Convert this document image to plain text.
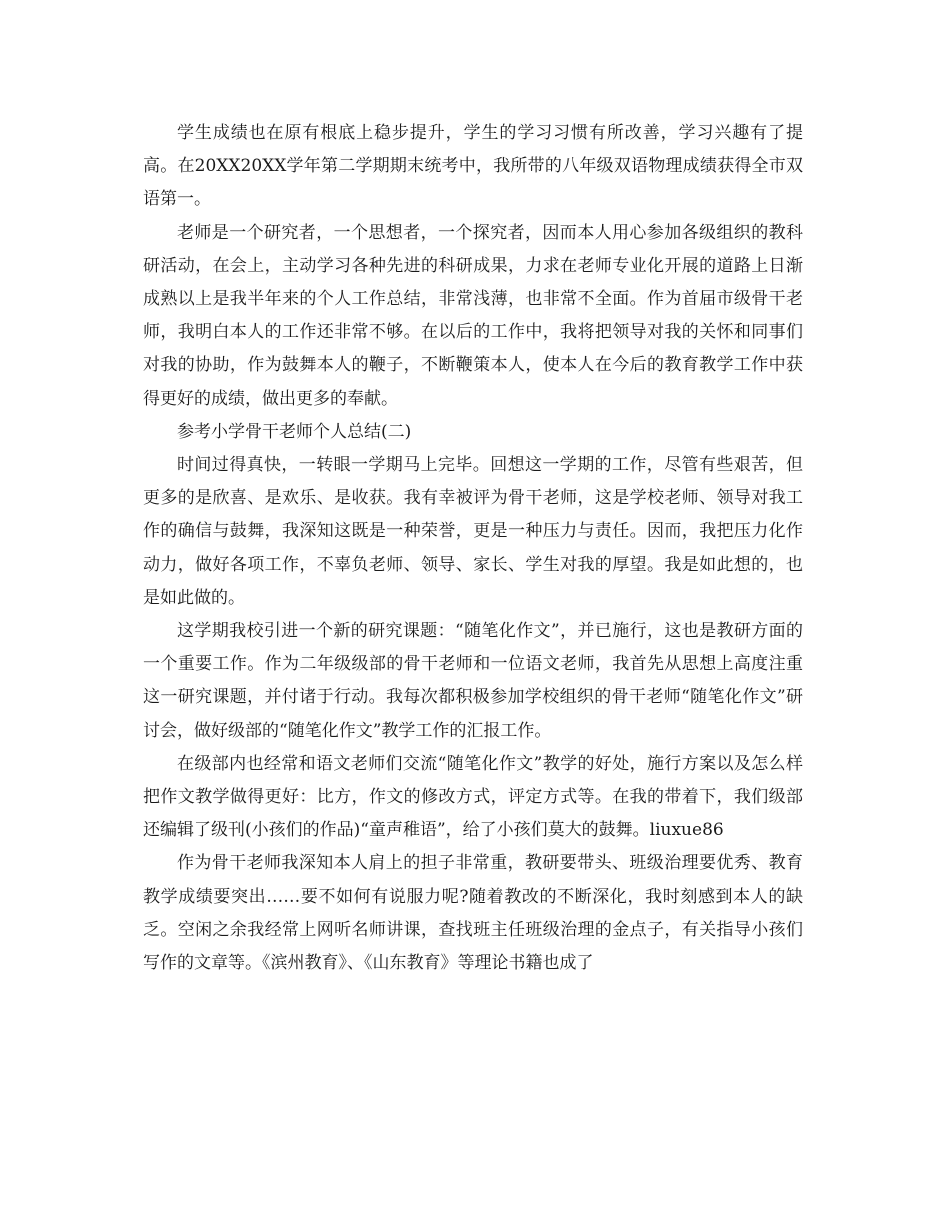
学生成绩也在原有根底上稳步提升，学生的学习习惯有所改善，学习兴趣有了提高。在20XX20XX学年第二学期期末统考中，我所带的八年级双语物理成绩获得全市双语第一。

老师是一个研究者，一个思想者，一个探究者，因而本人用心参加各级组织的教科研活动，在会上，主动学习各种先进的科研成果，力求在老师专业化开展的道路上日渐成熟以上是我半年来的个人工作总结，非常浅薄，也非常不全面。作为首届市级骨干老师，我明白本人的工作还非常不够。在以后的工作中，我将把领导对我的关怀和同事们对我的协助，作为鼓舞本人的鞭子，不断鞭策本人，使本人在今后的教育教学工作中获得更好的成绩，做出更多的奉献。

参考小学骨干老师个人总结(二)

时间过得真快，一转眼一学期马上完毕。回想这一学期的工作，尽管有些艰苦，但更多的是欣喜、是欢乐、是收获。我有幸被评为骨干老师，这是学校老师、领导对我工作的确信与鼓舞，我深知这既是一种荣誉，更是一种压力与责任。因而，我把压力化作动力，做好各项工作，不辜负老师、领导、家长、学生对我的厚望。我是如此想的，也是如此做的。

这学期我校引进一个新的研究课题：“随笔化作文”，并已施行，这也是教研方面的一个重要工作。作为二年级级部的骨干老师和一位语文老师，我首先从思想上高度注重这一研究课题，并付诸于行动。我每次都积极参加学校组织的骨干老师“随笔化作文”研讨会，做好级部的“随笔化作文”教学工作的汇报工作。

在级部内也经常和语文老师们交流“随笔化作文”教学的好处，施行方案以及怎么样把作文教学做得更好：比方，作文的修改方式，评定方式等。在我的带着下，我们级部还编辑了级刊(小孩们的作品)“童声稚语”，给了小孩们莫大的鼓舞。liuxue86

作为骨干老师我深知本人肩上的担子非常重，教研要带头、班级治理要优秀、教育教学成绩要突出……要不如何有说服力呢?随着教改的不断深化，我时刻感到本人的缺乏。空闲之余我经常上网听名师讲课，查找班主任班级治理的金点子，有关指导小孩们写作的文章等。《滨州教育》、《山东教育》等理论书籍也成了
